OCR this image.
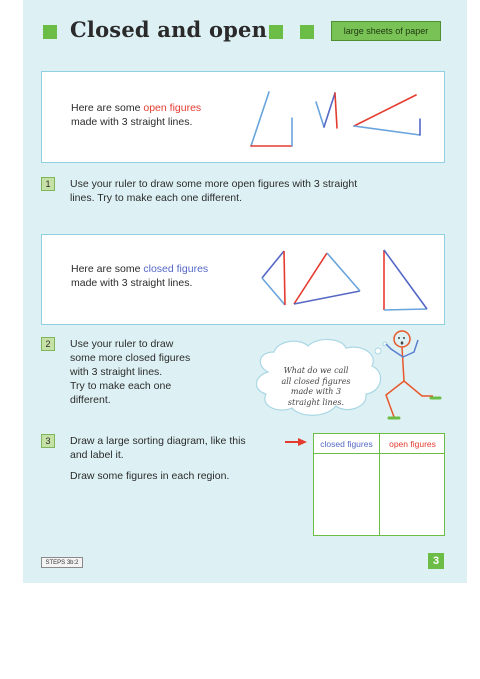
Closed and open	large sheets of paper
Here are some open figures
made with 3 straight lines.
1	Use your ruler to draw some more open figures with 3 straight lines. Try to make each one different.
Here are some closed figures
made with 3 straight lines.
2	Use your ruler to draw
some more closed figures
with 3 straight lines.
Try to make each one
different.
What do we call
all closed figures
made with 3
straight lines.
3	Draw a large sorting diagram, like this
and label it.
Draw some figures in each region.
closed figures	open figures
STEPS 3b:2	3
